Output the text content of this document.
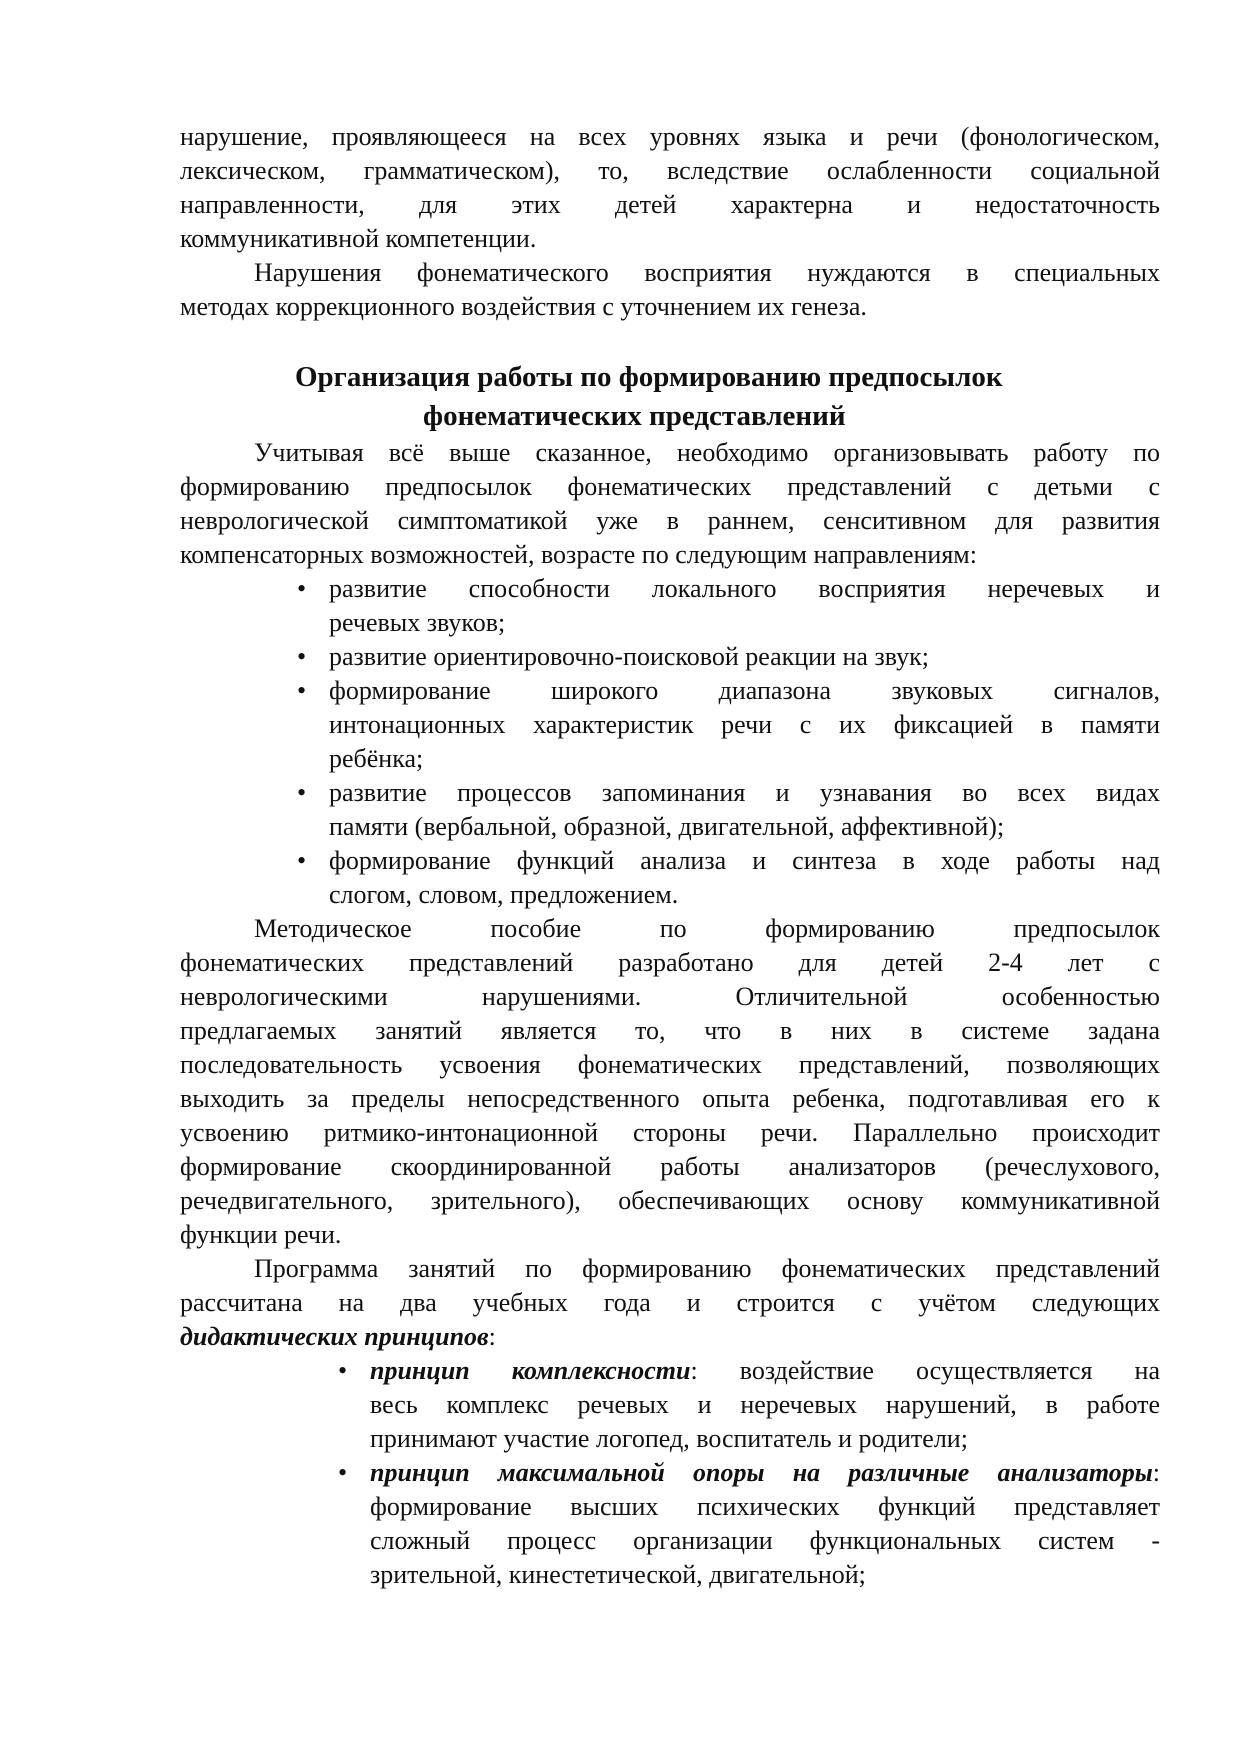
нарушение, проявляющееся на всех уровнях языка и речи (фонологическом,
лексическом, грамматическом), то, вследствие ослабленности социальной
направленности, для этих детей характерна и недостаточность
коммуникативной компетенции.
Нарушения фонематического восприятия нуждаются в специальных
методах коррекционного воздействия с уточнением их генеза.
Организация работы по формированию предпосылок
фонематических представлений
Учитывая всё выше сказанное, необходимо организовывать работу по
формированию предпосылок фонематических представлений с детьми с
неврологической симптоматикой уже в раннем, сенситивном для развития
компенсаторных возможностей, возрасте по следующим направлениям:
• развитие способности локального восприятия неречевых и
речевых звуков;
• развитие ориентировочно-поисковой реакции на звук;
• формирование широкого диапазона звуковых сигналов,
интонационных характеристик речи с их фиксацией в памяти
ребёнка;
• развитие процессов запоминания и узнавания во всех видах
памяти (вербальной, образной, двигательной, аффективной);
• формирование функций анализа и синтеза в ходе работы над
слогом, словом, предложением.
Методическое пособие по формированию предпосылок
фонематических представлений разработано для детей 2-4 лет с
неврологическими нарушениями. Отличительной особенностью
предлагаемых занятий является то, что в них в системе задана
последовательность усвоения фонематических представлений, позволяющих
выходить за пределы непосредственного опыта ребенка, подготавливая его к
усвоению ритмико-интонационной стороны речи. Параллельно происходит
формирование скоординированной работы анализаторов (речеслухового,
речедвигательного, зрительного), обеспечивающих основу коммуникативной
функции речи.
Программа занятий по формированию фонематических представлений
рассчитана на два учебных года и строится с учётом следующих
дидактических принципов:
• принцип комплексности: воздействие осуществляется на
весь комплекс речевых и неречевых нарушений, в работе
принимают участие логопед, воспитатель и родители;
• принцип максимальной опоры на различные анализаторы:
формирование высших психических функций представляет
сложный процесс организации функциональных систем -
зрительной, кинестетической, двигательной;
